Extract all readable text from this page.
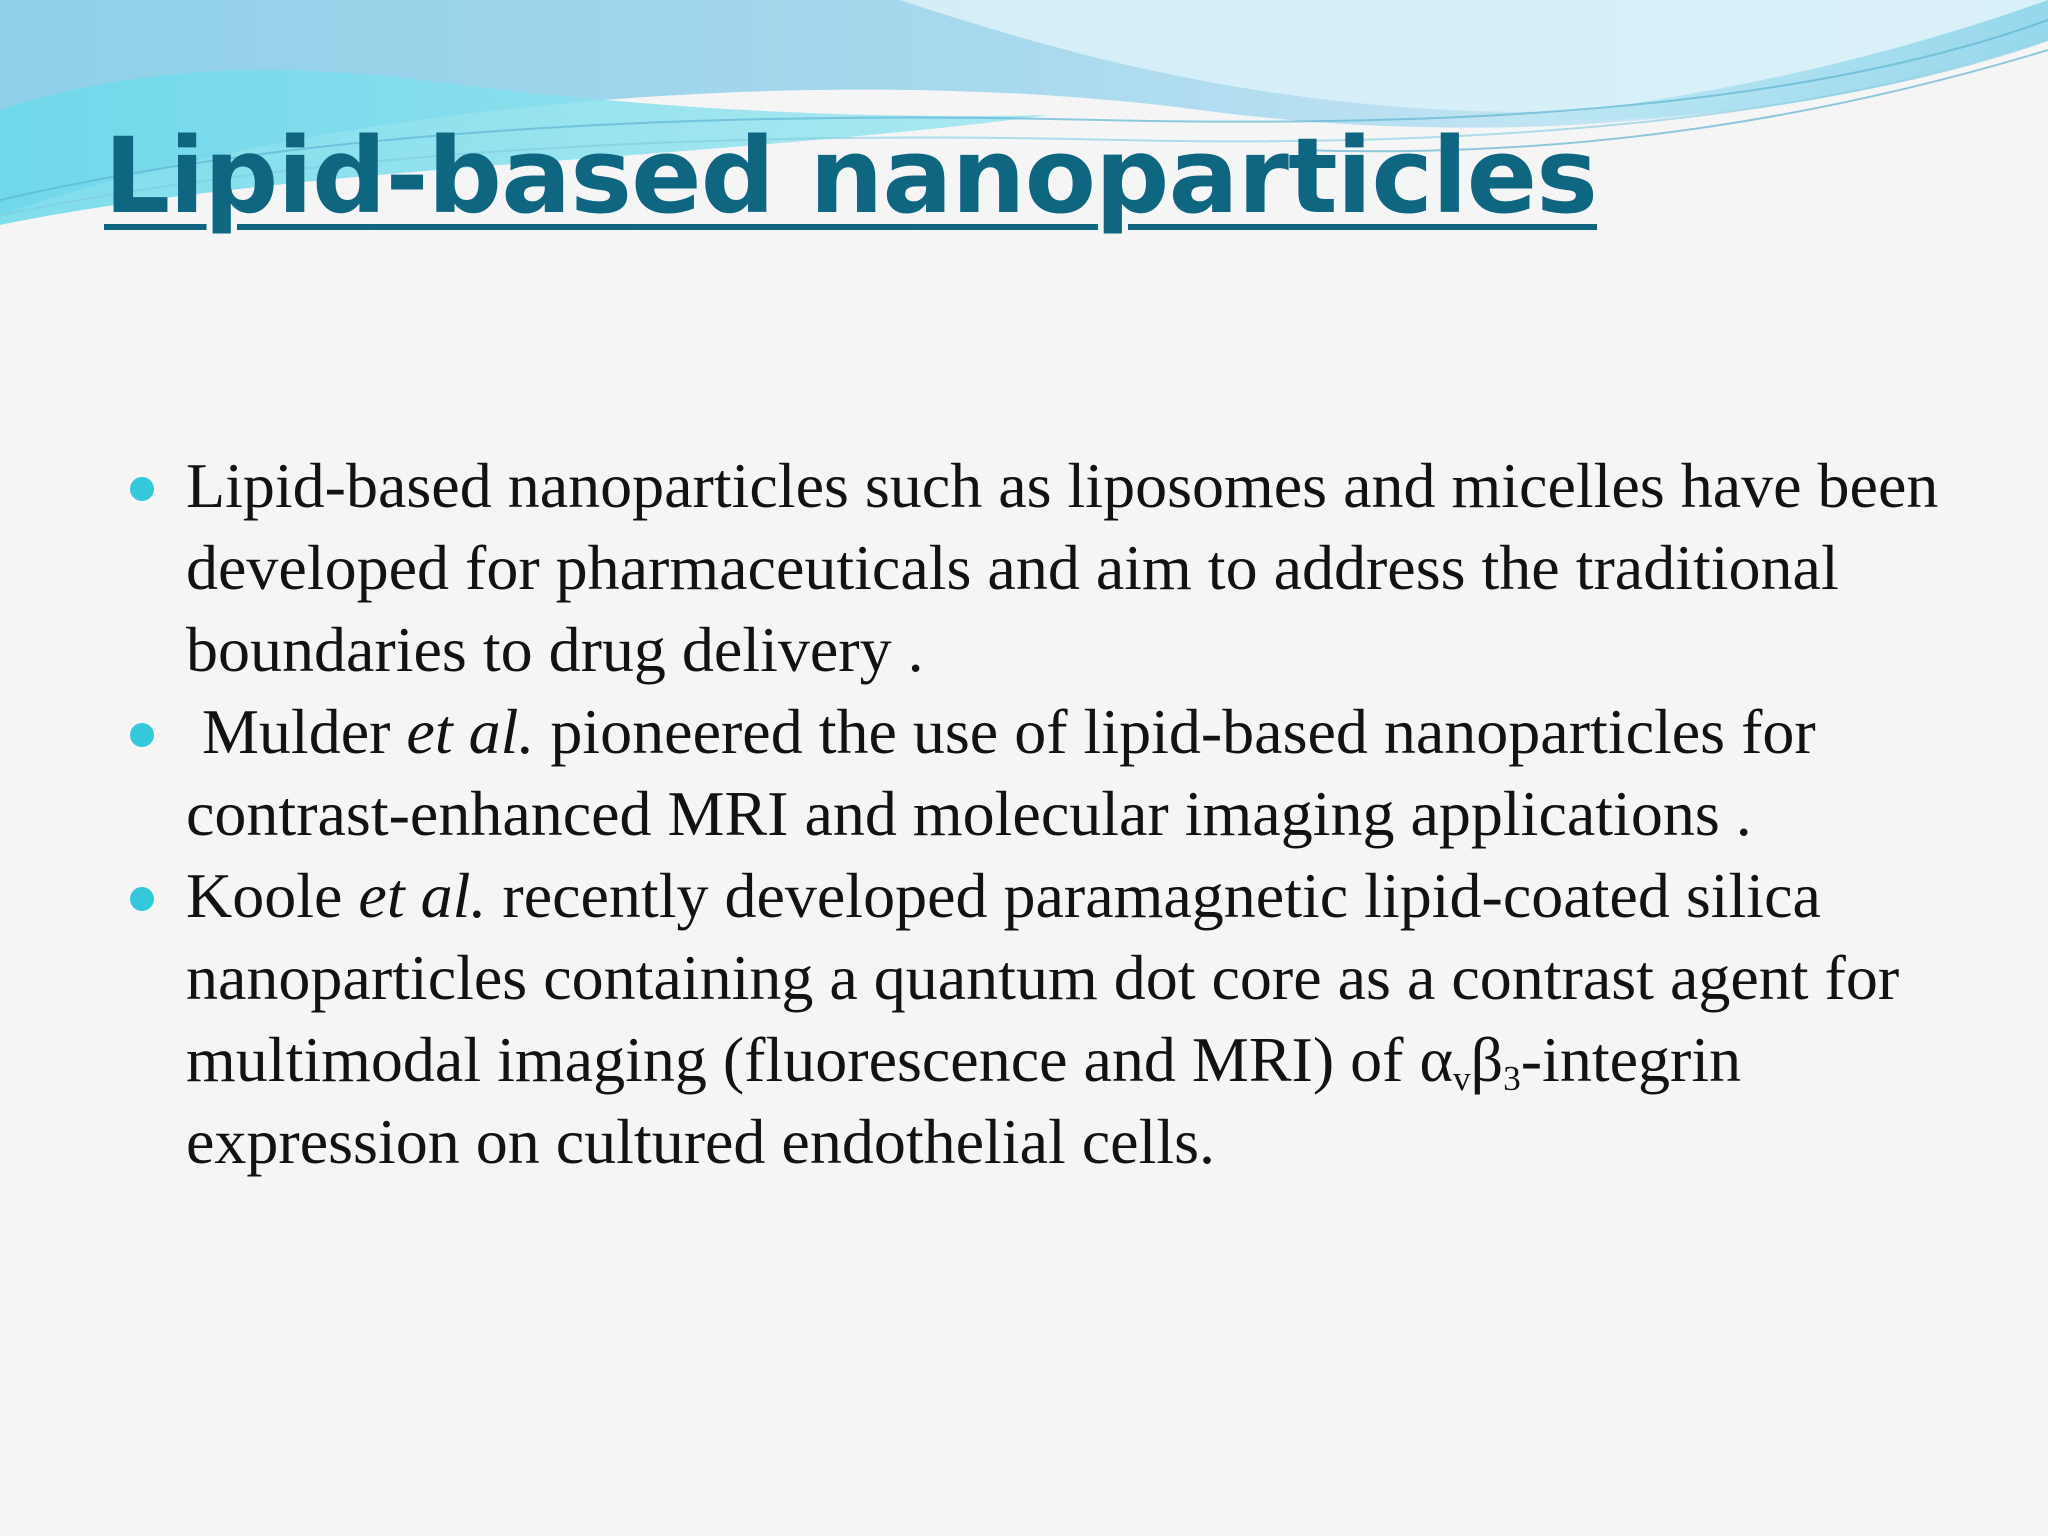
Lipid-based nanoparticles
Lipid-based nanoparticles such as liposomes and micelles have been developed for pharmaceuticals and aim to address the traditional boundaries to drug delivery .
Mulder et al. pioneered the use of lipid-based nanoparticles for contrast-enhanced MRI and molecular imaging applications .
Koole et al. recently developed paramagnetic lipid-coated silica nanoparticles containing a quantum dot core as a contrast agent for multimodal imaging (fluorescence and MRI) of $\alpha_v\beta_3$-integrin expression on cultured endothelial cells.
